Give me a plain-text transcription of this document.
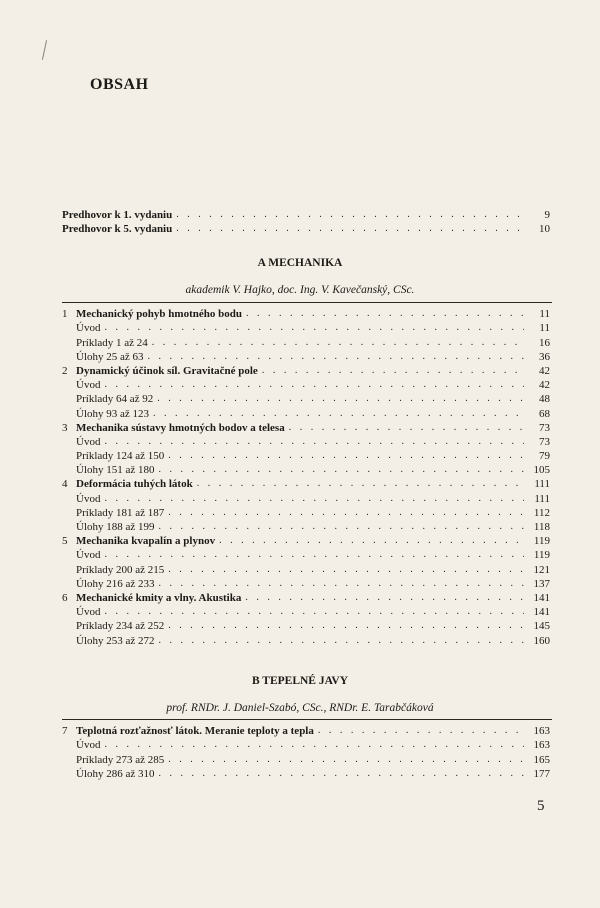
OBSAH
Predhovor k 1. vydaniu . . .	9
Predhovor k 5. vydaniu . . .	10
A MECHANIKA
akademik V. Hajko, doc. Ing. V. Kavečanský, CSc.
1 Mechanický pohyb hmotného bodu . . .	11
Úvod . . .	11
Príklady 1 až 24 . . .	16
Úlohy 25 až 63 . . .	36
2 Dynamický účinok síl. Gravitačné pole . . .	42
Úvod . . .	42
Príklady 64 až 92 . . .	48
Úlohy 93 až 123 . . .	68
3 Mechanika sústavy hmotných bodov a telesa . . .	73
Úvod . . .	73
Príklady 124 až 150 . . .	79
Úlohy 151 až 180 . . .	105
4 Deformácia tuhých látok . . .	111
Úvod . . .	111
Príklady 181 až 187 . . .	112
Úlohy 188 až 199 . . .	118
5 Mechanika kvapalín a plynov . . .	119
Úvod . . .	119
Príklady 200 až 215 . . .	121
Úlohy 216 až 233 . . .	137
6 Mechanické kmity a vlny. Akustika . . .	141
Úvod . . .	141
Príklady 234 až 252 . . .	145
Úlohy 253 až 272 . . .	160
B TEPELNÉ JAVY
prof. RNDr. J. Daniel-Szabó, CSc., RNDr. E. Tarabčáková
7 Teplotná rozťažnosť látok. Meranie teploty a tepla . . .	163
Úvod . . .	163
Príklady 273 až 285 . . .	165
Úlohy 286 až 310 . . .	177
5
